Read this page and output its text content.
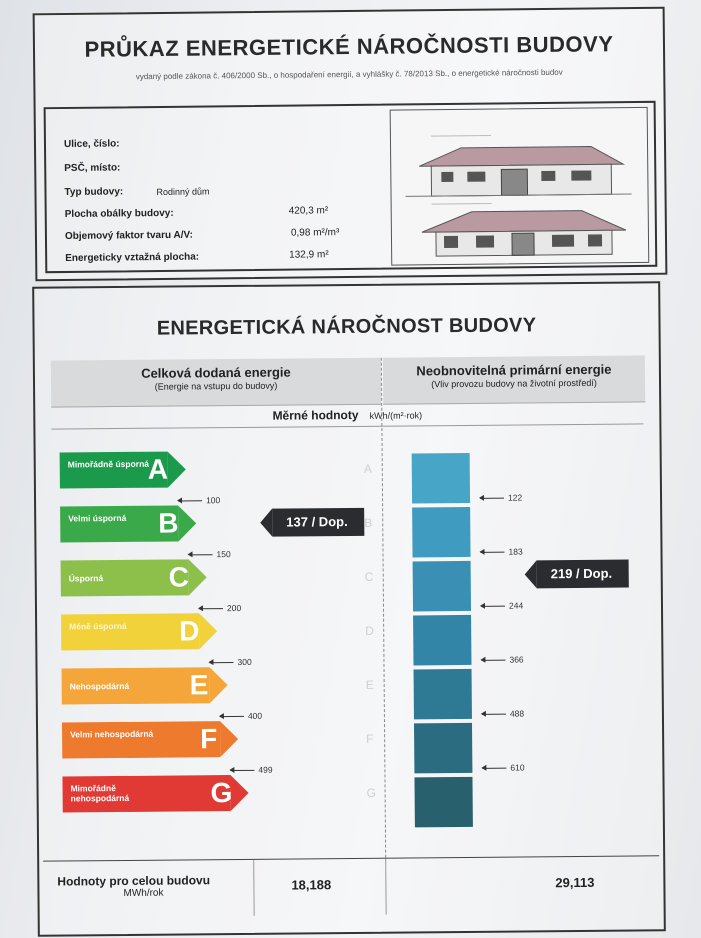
PRŮKAZ ENERGETICKÉ NÁROČNOSTI BUDOVY
vydaný podle zákona č. 406/2000 Sb., o hospodaření energií, a vyhlášky č. 78/2013 Sb., o energetické náročnosti budov
Ulice, číslo:
PSČ, místo:
Typ budovy:	Rodinný dům
Plocha obálky budovy:	420,3 m²
Objemový faktor tvaru A/V:	0,98 m²/m³
Energeticky vztažná plocha:	132,9 m²
ENERGETICKÁ NÁROČNOST BUDOVY
Celková dodaná energie
(Energie na vstupu do budovy)
Neobnovitelná primární energie
(Vliv provozu budovy na životní prostředí)
Měrné hodnoty kWh/(m²·rok)
Mimořádně úsporná
A	A
Velmi úsporná	B	B
Úsporná	C	C
Méně úsporná	D	D
Nehospodárná	E	E
Velmi nehospodárná	F	F
Mimořádně nehospodárná	G	G
100
150
200
300
400
499
122
183
244
366
488
610
137 / Dop.
219 / Dop.
Hodnoty pro celou budovu
MWh/rok
18,188	29,113
